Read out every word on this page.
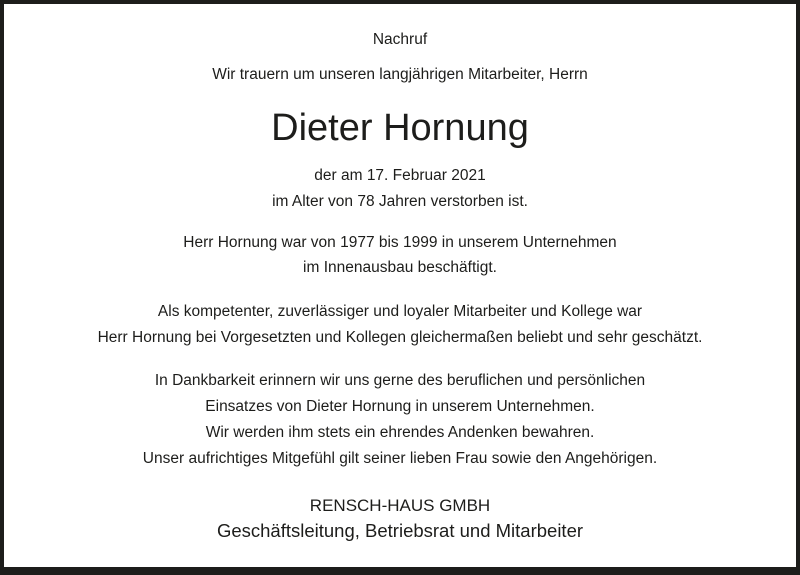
Nachruf
Wir trauern um unseren langjährigen Mitarbeiter, Herrn
Dieter Hornung
der am 17. Februar 2021
im Alter von 78 Jahren verstorben ist.
Herr Hornung war von 1977 bis 1999 in unserem Unternehmen
im Innenausbau beschäftigt.
Als kompetenter, zuverlässiger und loyaler Mitarbeiter und Kollege war
Herr Hornung bei Vorgesetzten und Kollegen gleichermaßen beliebt und sehr geschätzt.
In Dankbarkeit erinnern wir uns gerne des beruflichen und persönlichen
Einsatzes von Dieter Hornung in unserem Unternehmen.
Wir werden ihm stets ein ehrendes Andenken bewahren.
Unser aufrichtiges Mitgefühl gilt seiner lieben Frau sowie den Angehörigen.
RENSCH-HAUS GMBH
Geschäftsleitung, Betriebsrat und Mitarbeiter
